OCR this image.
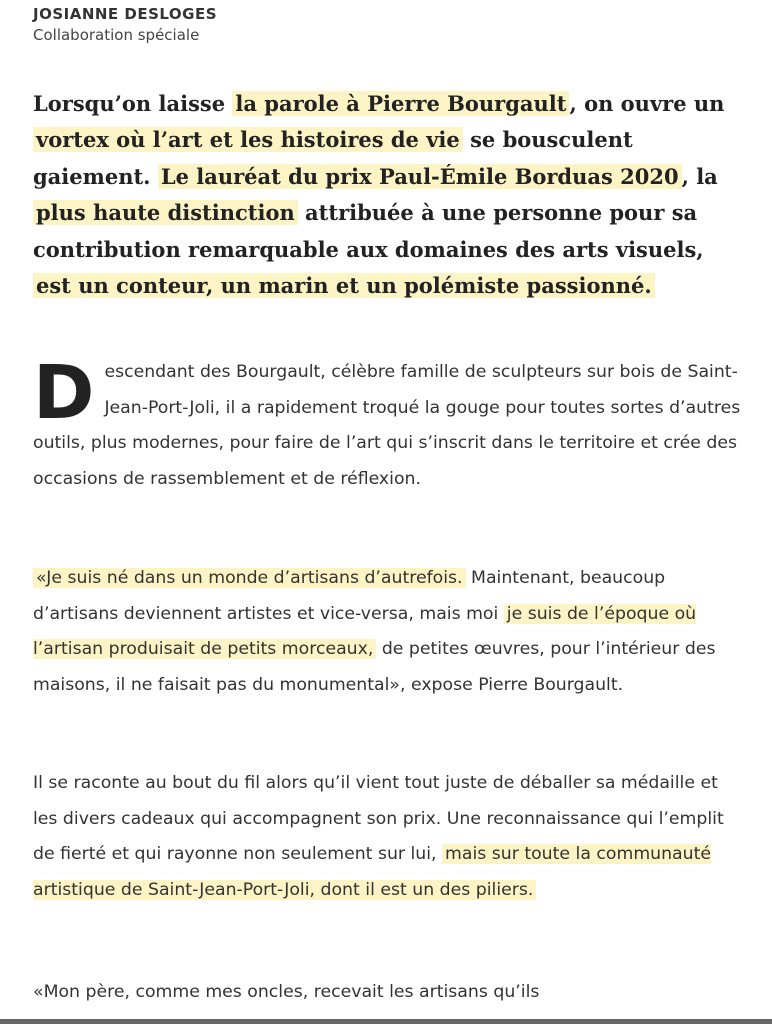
JOSIANNE DESLOGES
Collaboration spéciale

Lorsqu’on laisse la parole à Pierre Bourgault , on ouvre un vortex où l’art et les histoires de vie se bousculent gaiement. Le lauréat du prix Paul-Émile Borduas 2020 , la plus haute distinction attribuée à une personne pour sa contribution remarquable aux domaines des arts visuels, est un conteur, un marin et un polémiste passionné.

Descendant des Bourgault, célèbre famille de sculpteurs sur bois de Saint-Jean-Port-Joli, il a rapidement troqué la gouge pour toutes sortes d’autres outils, plus modernes, pour faire de l’art qui s’inscrit dans le territoire et crée des occasions de rassemblement et de réflexion.

«Je suis né dans un monde d’artisans d’autrefois. Maintenant, beaucoup d’artisans deviennent artistes et vice-versa, mais moi je suis de l’époque où l’artisan produisait de petits morceaux, de petites œuvres, pour l’intérieur des maisons, il ne faisait pas du monumental», expose Pierre Bourgault.

Il se raconte au bout du fil alors qu’il vient tout juste de déballer sa médaille et les divers cadeaux qui accompagnent son prix. Une reconnaissance qui l’emplit de fierté et qui rayonne non seulement sur lui, mais sur toute la communauté artistique de Saint-Jean-Port-Joli, dont il est un des piliers.

«Mon père, comme mes oncles, recevait les artisans qu’ils
